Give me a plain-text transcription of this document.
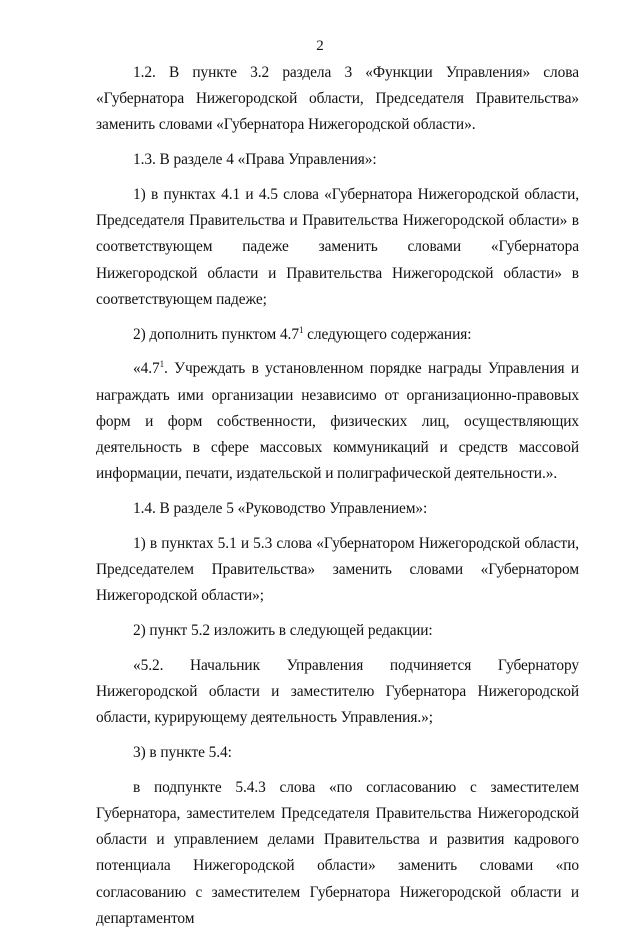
2

1.2. В пункте 3.2 раздела 3 «Функции Управления» слова «Губернатора Нижегородской области, Председателя Правительства» заменить словами «Губернатора Нижегородской области».

1.3. В разделе 4 «Права Управления»:

1) в пунктах 4.1 и 4.5 слова «Губернатора Нижегородской области, Председателя Правительства и Правительства Нижегородской области» в соответствующем падеже заменить словами «Губернатора Нижегородской области и Правительства Нижегородской области» в соответствующем падеже;

2) дополнить пунктом $4.7^1$ следующего содержания:

«$4.7^1$. Учреждать в установленном порядке награды Управления и награждать ими организации независимо от организационно-правовых форм и форм собственности, физических лиц, осуществляющих деятельность в сфере массовых коммуникаций и средств массовой информации, печати, издательской и полиграфической деятельности.».

1.4. В разделе 5 «Руководство Управлением»:

1) в пунктах 5.1 и 5.3 слова «Губернатором Нижегородской области, Председателем Правительства» заменить словами «Губернатором Нижегородской области»;

2) пункт 5.2 изложить в следующей редакции:

«5.2. Начальник Управления подчиняется Губернатору Нижегородской области и заместителю Губернатора Нижегородской области, курирующему деятельность Управления.»;

3) в пункте 5.4:

в подпункте 5.4.3 слова «по согласованию с заместителем Губернатора, заместителем Председателя Правительства Нижегородской области и управлением делами Правительства и развития кадрового потенциала Нижегородской области» заменить словами «по согласованию с заместителем Губернатора Нижегородской области и департаментом
